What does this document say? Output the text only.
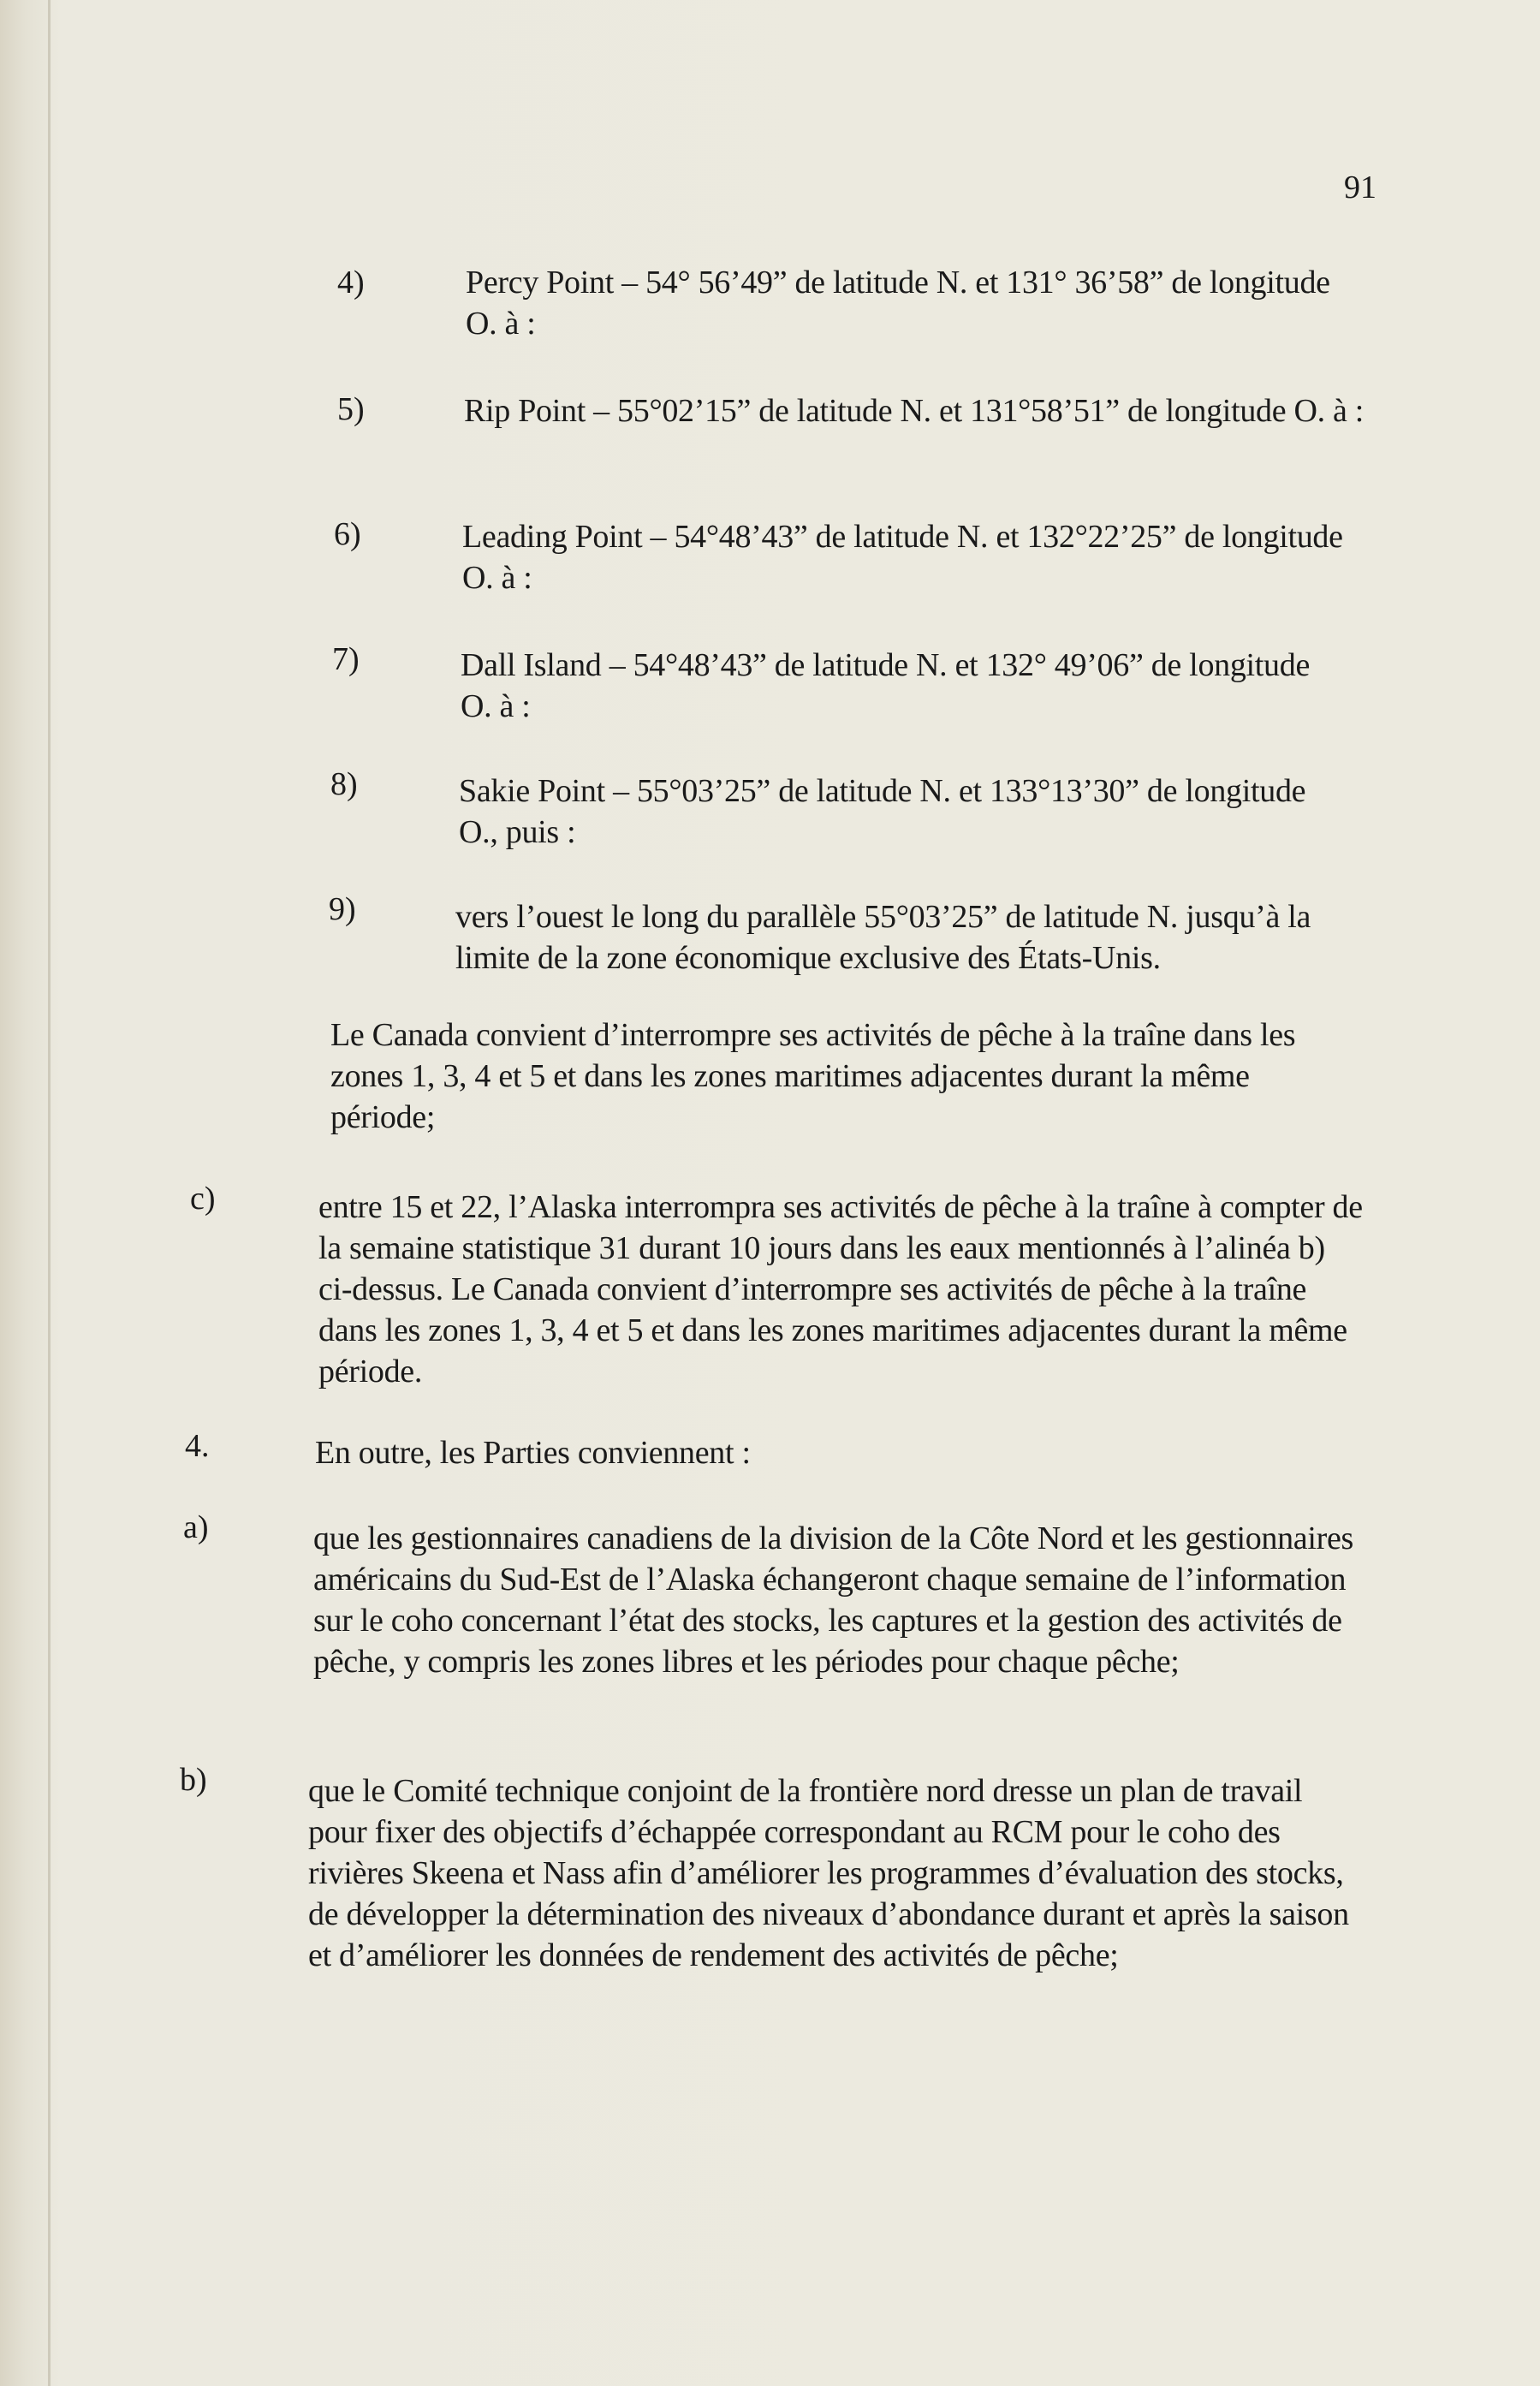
91
4)	Percy Point – 54° 56’49” de latitude N. et 131° 36’58” de longitude O. à :
5)	Rip Point – 55°02’15” de latitude N. et 131°58’51” de longitude O. à :
6)	Leading Point – 54°48’43” de latitude N. et 132°22’25” de longitude O. à :
7)	Dall Island – 54°48’43” de latitude N. et 132° 49’06” de longitude O. à :
8)	Sakie Point – 55°03’25” de latitude N. et 133°13’30” de longitude O., puis :
9)	vers l’ouest le long du parallèle 55°03’25” de latitude N. jusqu’à la limite de la zone économique exclusive des États-Unis.
Le Canada convient d’interrompre ses activités de pêche à la traîne dans les zones 1, 3, 4 et 5 et dans les zones maritimes adjacentes durant la même période;
c)	entre 15 et 22, l’Alaska interrompra ses activités de pêche à la traîne à compter de la semaine statistique 31 durant 10 jours dans les eaux mentionnés à l’alinéa b) ci-dessus. Le Canada convient d’interrompre ses activités de pêche à la traîne dans les zones 1, 3, 4 et 5 et dans les zones maritimes adjacentes durant la même période.
4.	En outre, les Parties conviennent :
a)	que les gestionnaires canadiens de la division de la Côte Nord et les gestionnaires américains du Sud-Est de l’Alaska échangeront chaque semaine de l’information sur le coho concernant l’état des stocks, les captures et la gestion des activités de pêche, y compris les zones libres et les périodes pour chaque pêche;
b)	que le Comité technique conjoint de la frontière nord dresse un plan de travail pour fixer des objectifs d’échappée correspondant au RCM pour le coho des rivières Skeena et Nass afin d’améliorer les programmes d’évaluation des stocks, de développer la détermination des niveaux d’abondance durant et après la saison et d’améliorer les données de rendement des activités de pêche;
